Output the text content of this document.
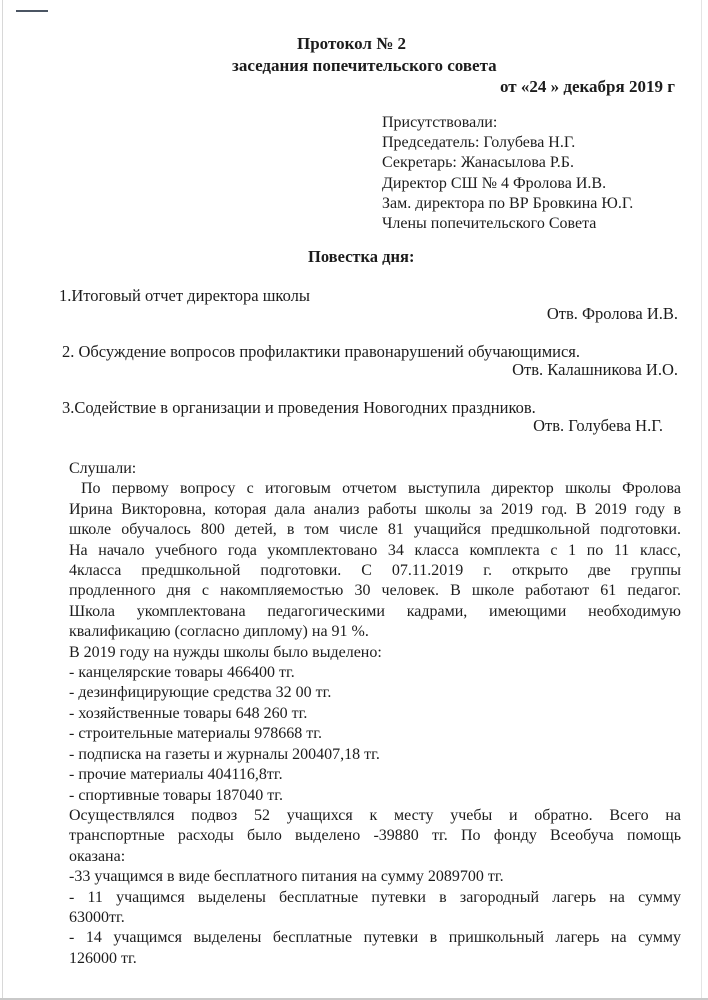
Протокол № 2
заседания попечительского совета
от «24 » декабря 2019 г
Присутствовали:
Председатель: Голубева Н.Г.
Секретарь: Жанасылова Р.Б.
Директор СШ № 4 Фролова И.В.
Зам. директора по ВР Бровкина Ю.Г.
Члены попечительского Совета
Повестка дня:
1.Итоговый отчет директора школы
Отв. Фролова И.В.
2. Обсуждение вопросов профилактики правонарушений обучающимися.
Отв. Калашникова И.О.
3.Содействие в организации и проведения Новогодних праздников.
Отв. Голубева Н.Г.
Слушали:
По первому вопросу с итоговым отчетом выступила директор школы Фролова
Ирина Викторовна, которая дала анализ работы школы за 2019 год. В 2019 году в
школе обучалось 800 детей, в том числе 81 учащийся предшкольной подготовки.
На начало учебного года укомплектовано 34 класса комплекта с 1 по 11 класс,
4класса предшкольной подготовки. С 07.11.2019 г. открыто две группы
продленного дня с накомпляемостью 30 человек. В школе работают 61 педагог.
Школа укомплектована педагогическими кадрами, имеющими необходимую
квалификацию (согласно диплому) на 91 %.
В 2019 году на нужды школы было выделено:
- канцелярские товары 466400 тг.
- дезинфицирующие средства 32 00 тг.
- хозяйственные товары 648 260 тг.
- строительные материалы 978668 тг.
- подписка на газеты и журналы 200407,18 тг.
- прочие материалы 404116,8тг.
- спортивные товары 187040 тг.
Осуществлялся подвоз 52 учащихся к месту учебы и обратно. Всего на
транспортные расходы было выделено -39880 тг. По фонду Всеобуча помощь
оказана:
-33 учащимся в виде бесплатного питания на сумму 2089700 тг.
- 11 учащимся выделены бесплатные путевки в загородный лагерь на сумму
63000тг.
- 14 учащимся выделены бесплатные путевки в пришкольный лагерь на сумму
126000 тг.
